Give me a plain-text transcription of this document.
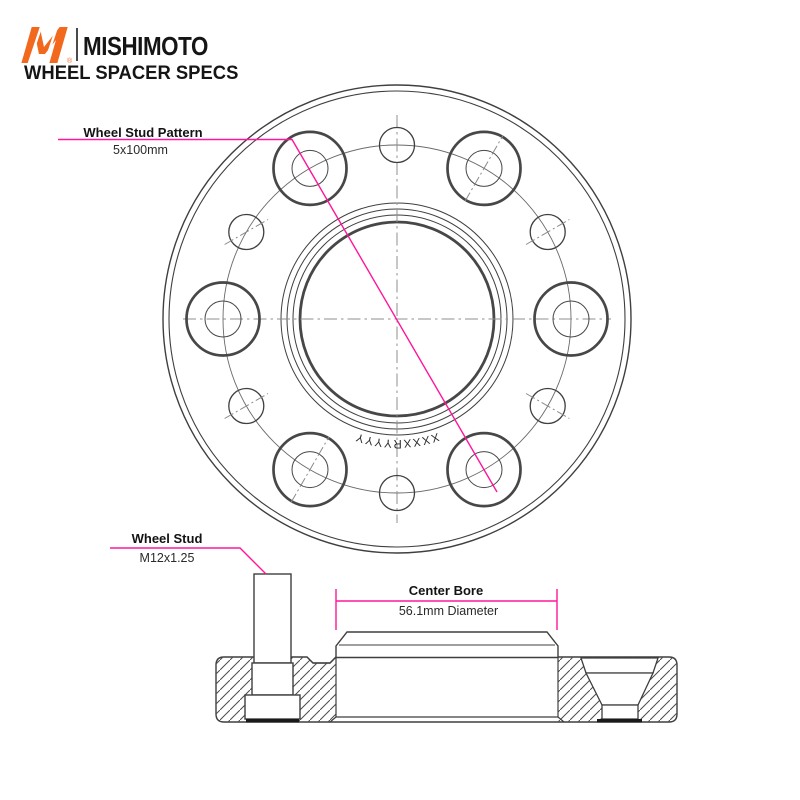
®
MISHIMOTO
WHEEL SPACER SPECS
Wheel Stud Pattern
5x100mm
Wheel Stud
M12x1.25
Center Bore
56.1mm Diameter
XXXXRYYYY
